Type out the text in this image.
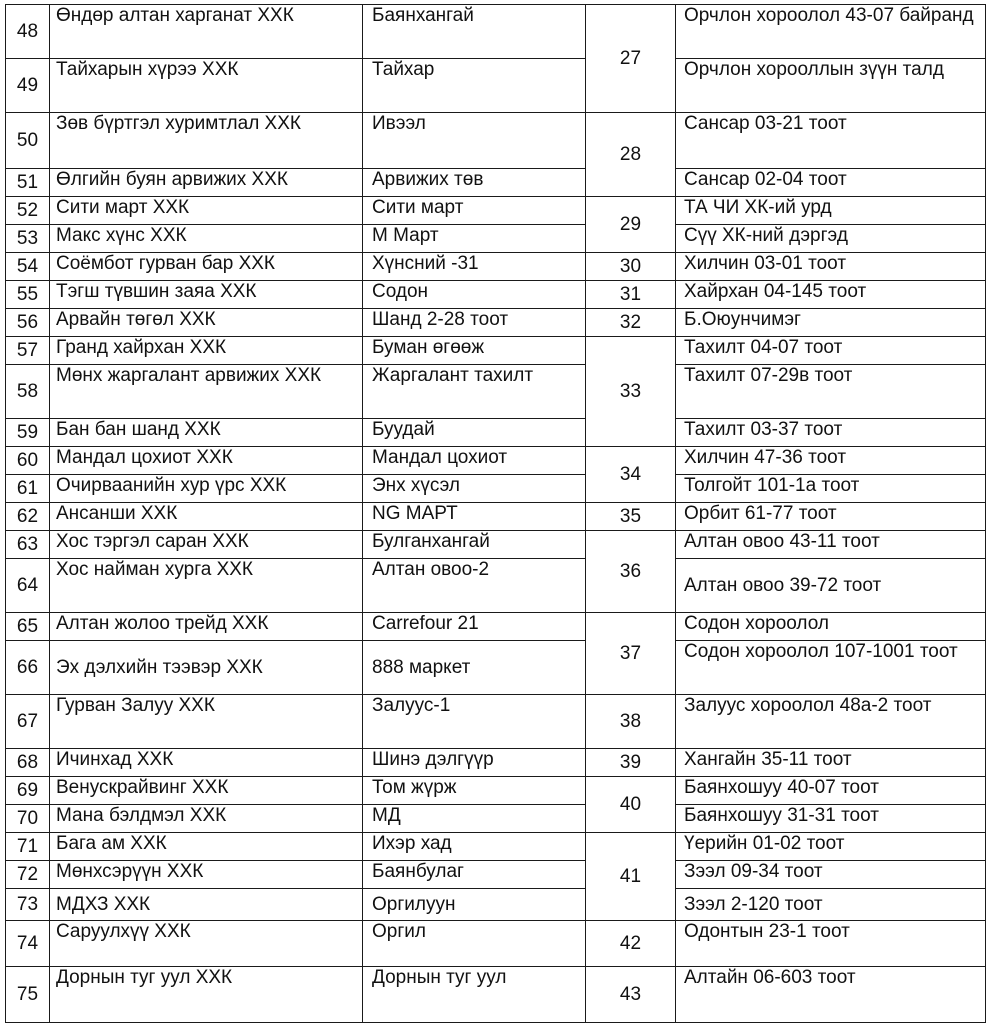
48	Өндөр алтан харганат ХХК	Баянхангай	27	Орчлон хороолол 43-07 байранд
49	Тайхарын хүрээ ХХК	Тайхар		Орчлон хорооллын зүүн талд
50	Зөв бүртгэл хуримтлал ХХК	Ивээл	28	Сансар 03-21 тоот
51	Өлгийн буян арвижих ХХК	Арвижих төв		Сансар 02-04 тоот
52	Сити март ХХК	Сити март	29	ТА ЧИ ХК-ий урд
53	Макс хүнс ХХК	М Март		Сүү ХК-ний дэргэд
54	Соёмбот гурван бар ХХК	Хүнсний -31	30	Хилчин 03-01 тоот
55	Тэгш түвшин заяа ХХК	Содон	31	Хайрхан 04-145 тоот
56	Арвайн төгөл ХХК	Шанд 2-28 тоот	32	Б.Оюунчимэг
57	Гранд хайрхан ХХК	Буман өгөөж	33	Тахилт 04-07 тоот
58	Мөнх жаргалант арвижих ХХК	Жаргалант тахилт		Тахилт 07-29в тоот
59	Бан бан шанд ХХК	Буудай		Тахилт 03-37 тоот
60	Мандал цохиот ХХК	Мандал цохиот	34	Хилчин 47-36 тоот
61	Очирваанийн хур үрс ХХК	Энх хүсэл		Толгойт 101-1а тоот
62	Ансанши ХХК	NG МАРТ	35	Орбит 61-77 тоот
63	Хос тэргэл саран ХХК	Булганхангай	36	Алтан овоо 43-11 тоот
64	Хос найман хурга ХХК	Алтан овоо-2		Алтан овоо 39-72 тоот
65	Алтан жолоо трейд ХХК	Carrefour 21	37	Содон хороолол
66	Эх дэлхийн тээвэр ХХК	888 маркет		Содон хороолол 107-1001 тоот
67	Гурван Залуу ХХК	Залуус-1	38	Залуус хороолол 48а-2 тоот
68	Ичинхад ХХК	Шинэ дэлгүүр	39	Хангайн 35-11 тоот
69	Венускрайвинг ХХК	Том жүрж	40	Баянхошуу 40-07 тоот
70	Мана бэлдмэл ХХК	МД		Баянхошуу 31-31 тоот
71	Бага ам ХХК	Ихэр хад	41	Үерийн 01-02 тоот
72	Мөнхсэрүүн ХХК	Баянбулаг		Зээл 09-34 тоот
73	МДХЗ ХХК	Оргилуун		Зээл 2-120 тоот
74	Саруулхүү ХХК	Оргил	42	Одонтын 23-1 тоот
75	Дорнын туг уул ХХК	Дорнын туг уул	43	Алтайн 06-603 тоот
